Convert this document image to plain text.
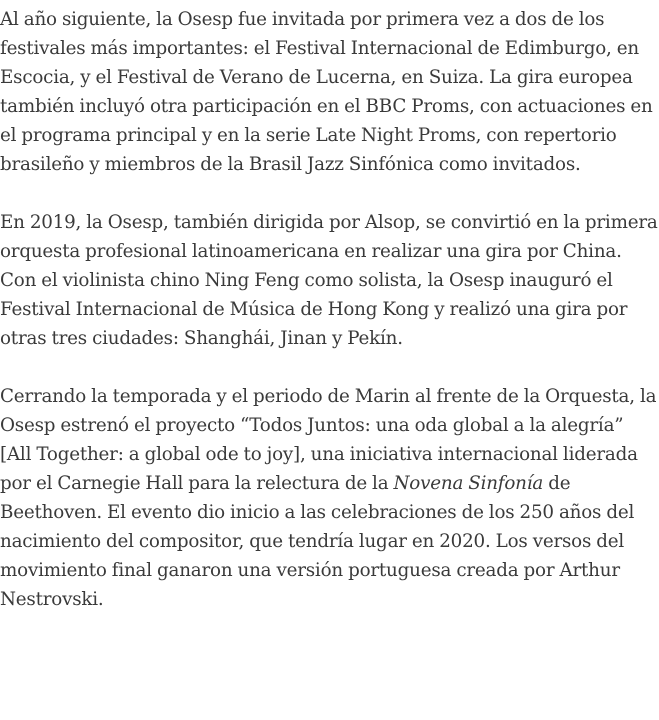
Al año siguiente, la Osesp fue invitada por primera vez a dos de los festivales más importantes: el Festival Internacional de Edimburgo, en Escocia, y el Festival de Verano de Lucerna, en Suiza. La gira europea también incluyó otra participación en el BBC Proms, con actuaciones en el programa principal y en la serie Late Night Proms, con repertorio brasileño y miembros de la Brasil Jazz Sinfónica como invitados.

En 2019, la Osesp, también dirigida por Alsop, se convirtió en la primera orquesta profesional latinoamericana en realizar una gira por China. Con el violinista chino Ning Feng como solista, la Osesp inauguró el Festival Internacional de Música de Hong Kong y realizó una gira por otras tres ciudades: Shanghái, Jinan y Pekín.

Cerrando la temporada y el periodo de Marin al frente de la Orquesta, la Osesp estrenó el proyecto “Todos Juntos: una oda global a la alegría” [All Together: a global ode to joy], una iniciativa internacional liderada por el Carnegie Hall para la relectura de la Novena Sinfonía de Beethoven. El evento dio inicio a las celebraciones de los 250 años del nacimiento del compositor, que tendría lugar en 2020. Los versos del movimiento final ganaron una versión portuguesa creada por Arthur Nestrovski.
